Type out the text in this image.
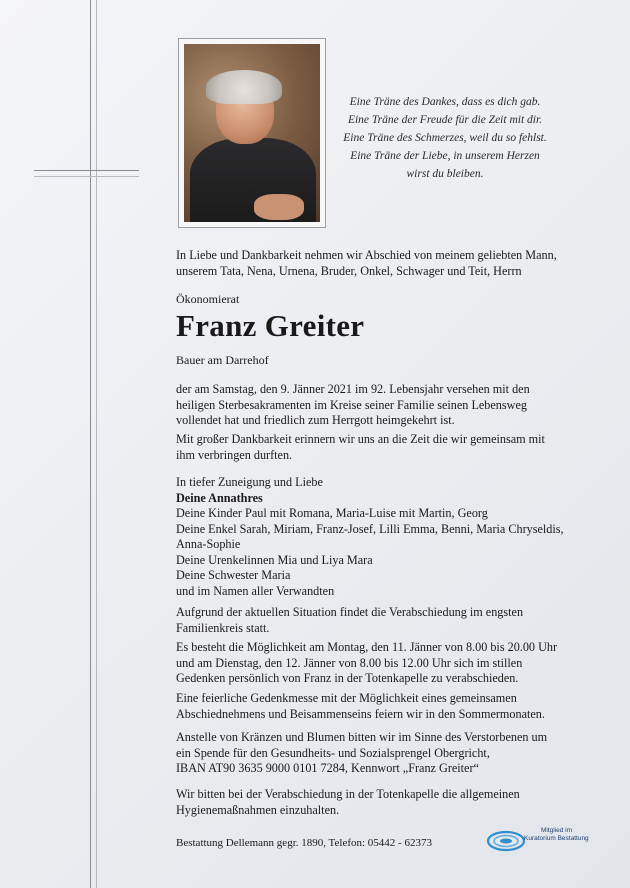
Eine Träne des Dankes, dass es dich gab.
Eine Träne der Freude für die Zeit mit dir.
Eine Träne des Schmerzes, weil du so fehlst.
Eine Träne der Liebe, in unserem Herzen
wirst du bleiben.

In Liebe und Dankbarkeit nehmen wir Abschied von meinem geliebten Mann,

unserem Tata, Nena, Urnena, Bruder, Onkel, Schwager und Teit, Herrn

Ökonomierat
Franz Greiter
Bauer am Darrehof

der am Samstag, den 9. Jänner 2021 im 92. Lebensjahr versehen mit den

heiligen Sterbesakramenten im Kreise seiner Familie seinen Lebensweg

vollendet hat und friedlich zum Herrgott heimgekehrt ist.

Mit großer Dankbarkeit erinnern wir uns an die Zeit die wir gemeinsam mit

ihm verbringen durften.

In tiefer Zuneigung und Liebe

Deine Annathres

Deine Kinder Paul mit Romana, Maria-Luise mit Martin, Georg

Deine Enkel Sarah, Miriam, Franz-Josef, Lilli Emma, Benni, Maria Chryseldis,

Anna-Sophie

Deine Urenkelinnen Mia und Liya Mara

Deine Schwester Maria

und im Namen aller Verwandten

Aufgrund der aktuellen Situation findet die Verabschiedung im engsten

Familienkreis statt.

Es besteht die Möglichkeit am Montag, den 11. Jänner von 8.00 bis 20.00 Uhr

und am Dienstag, den 12. Jänner von 8.00 bis 12.00 Uhr sich im stillen

Gedenken persönlich von Franz in der Totenkapelle zu verabschieden.

Eine feierliche Gedenkmesse mit der Möglichkeit eines gemeinsamen

Abschiednehmens und Beisammenseins feiern wir in den Sommermonaten.

Anstelle von Kränzen und Blumen bitten wir im Sinne des Verstorbenen um

ein Spende für den Gesundheits- und Sozialsprengel Obergricht,

IBAN AT90 3635 9000 0101 7284, Kennwort „Franz Greiter“

Wir bitten bei der Verabschiedung in der Totenkapelle die allgemeinen

Hygienemaßnahmen einzuhalten.

Bestattung Dellemann gegr. 1890, Telefon: 05442 - 62373
Mitglied im
Kuratorium Bestattung
